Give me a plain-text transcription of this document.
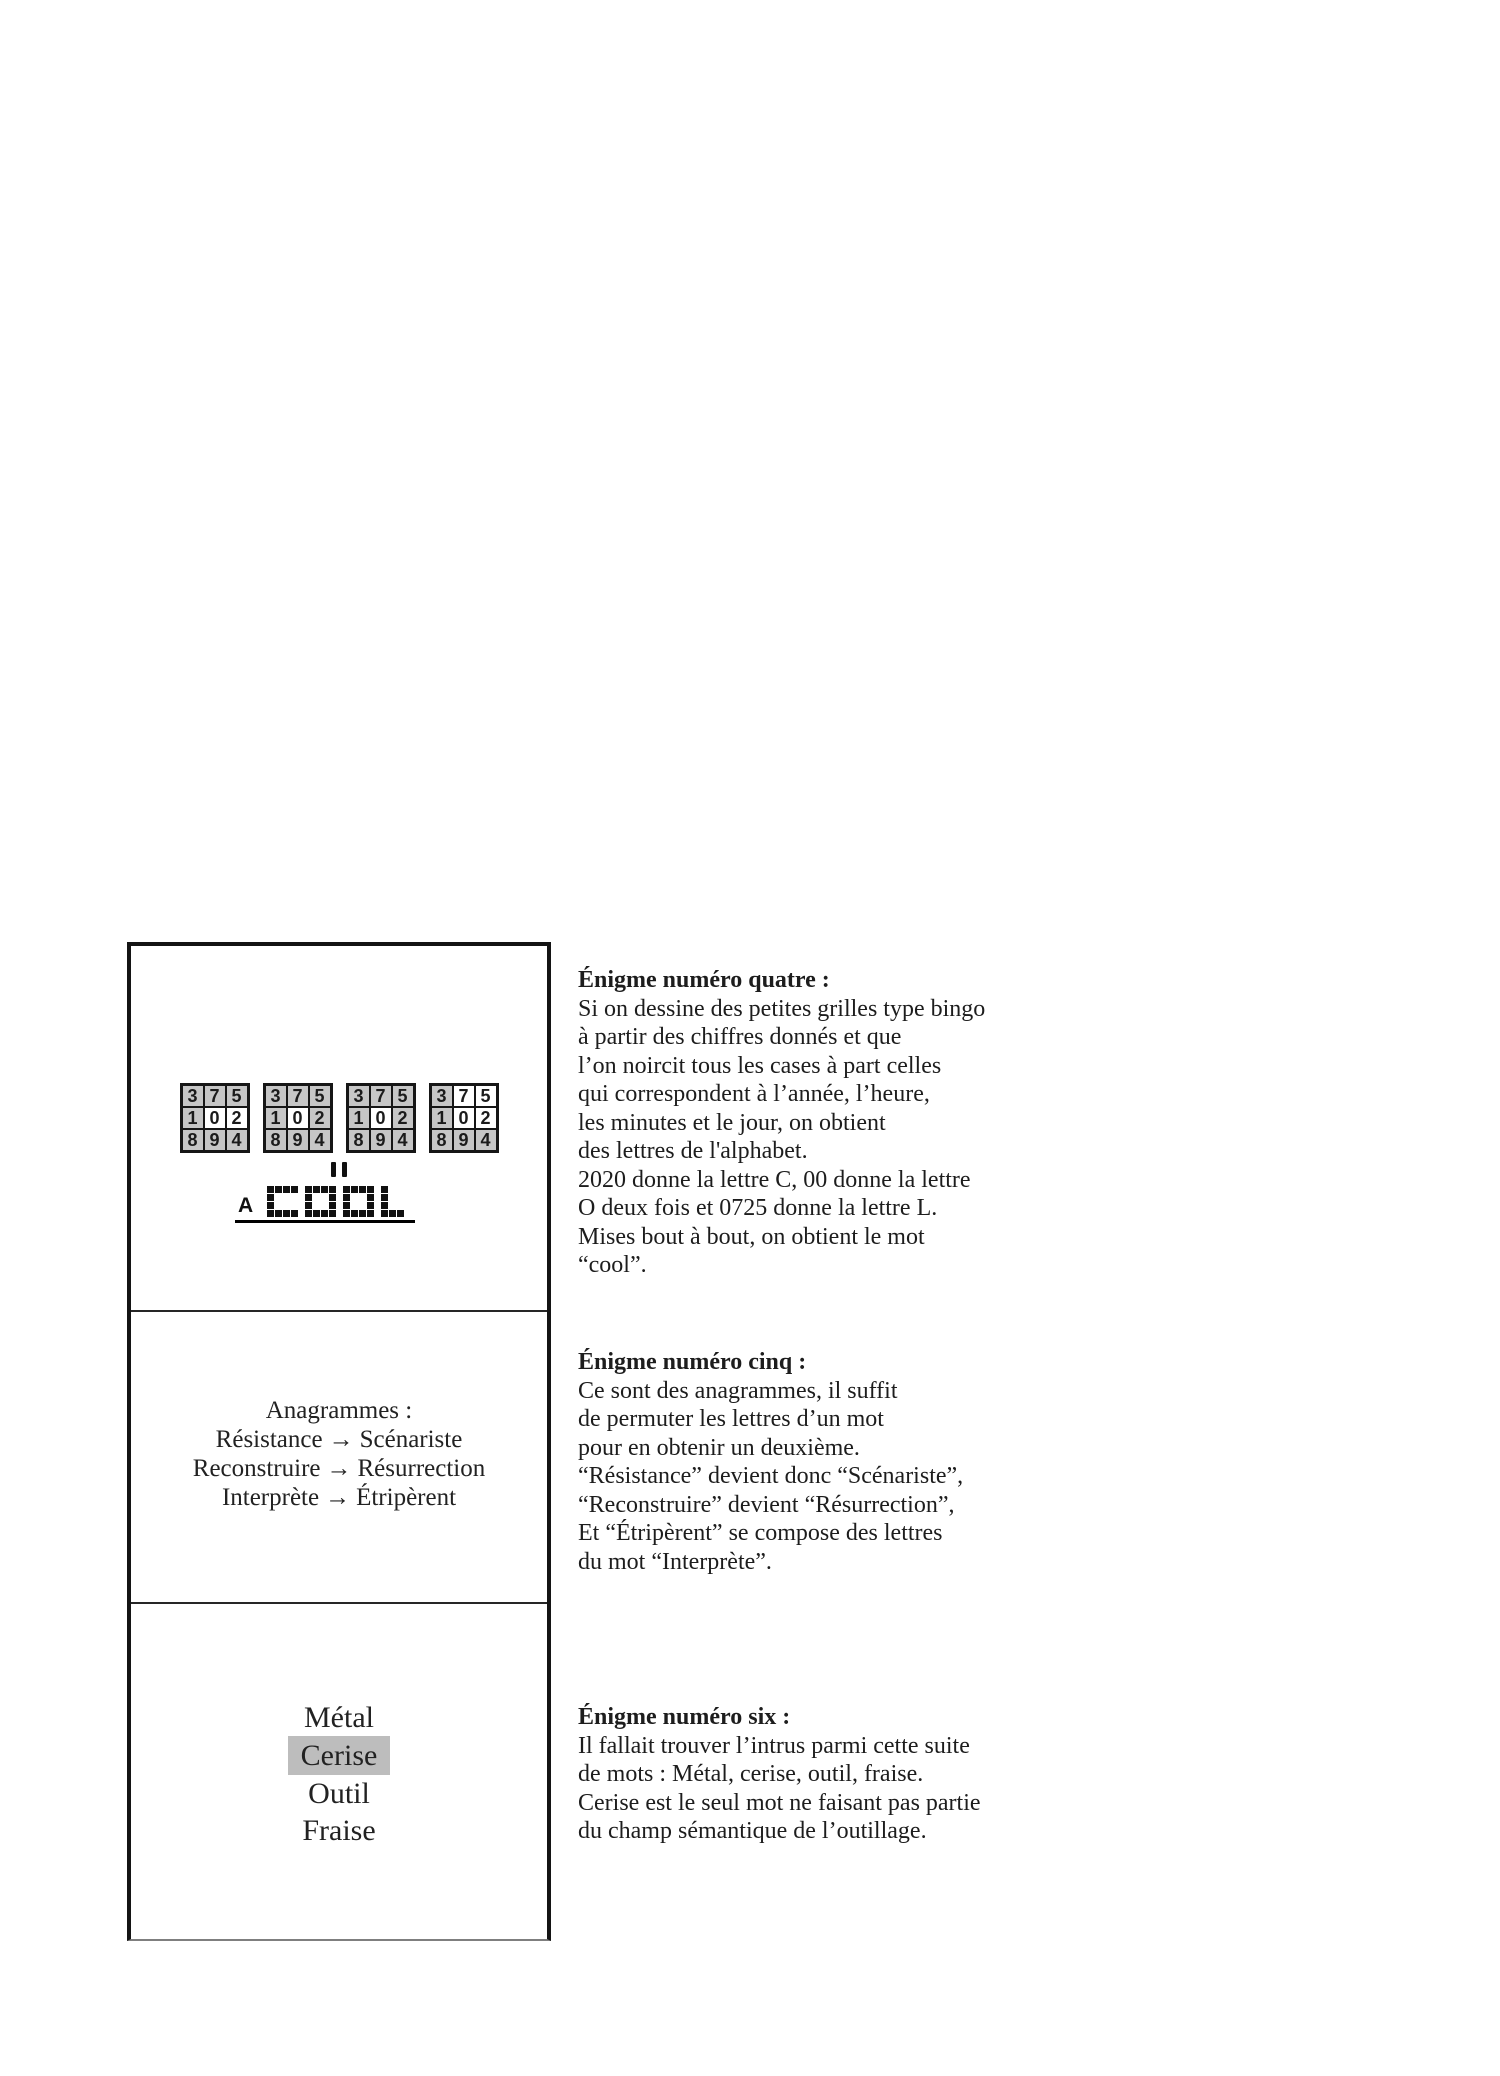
3 7 5
1 0 2
8 9 4
3 7 5
1 0 2
8 9 4
3 7 5
1 0 2
8 9 4
3 7 5
1 0 2
8 9 4
A
Anagrammes :
Résistance → Scénariste
Reconstruire → Résurrection
Interprète → Étripèrent
Métal
Cerise
Outil
Fraise
Énigme numéro quatre :
Si on dessine des petites grilles type bingo
à partir des chiffres donnés et que
l’on noircit tous les cases à part celles
qui correspondent à l’année, l’heure,
les minutes et le jour, on obtient
des lettres de l'alphabet.
2020 donne la lettre C, 00 donne la lettre
O deux fois et 0725 donne la lettre L.
Mises bout à bout, on obtient le mot
“cool”.
Énigme numéro cinq :
Ce sont des anagrammes, il suffit
de permuter les lettres d’un mot
pour en obtenir un deuxième.
“Résistance” devient donc “Scénariste”,
“Reconstruire” devient “Résurrection”,
Et “Étripèrent” se compose des lettres
du mot “Interprète”.
Énigme numéro six :
Il fallait trouver l’intrus parmi cette suite
de mots : Métal, cerise, outil, fraise.
Cerise est le seul mot ne faisant pas partie
du champ sémantique de l’outillage.
